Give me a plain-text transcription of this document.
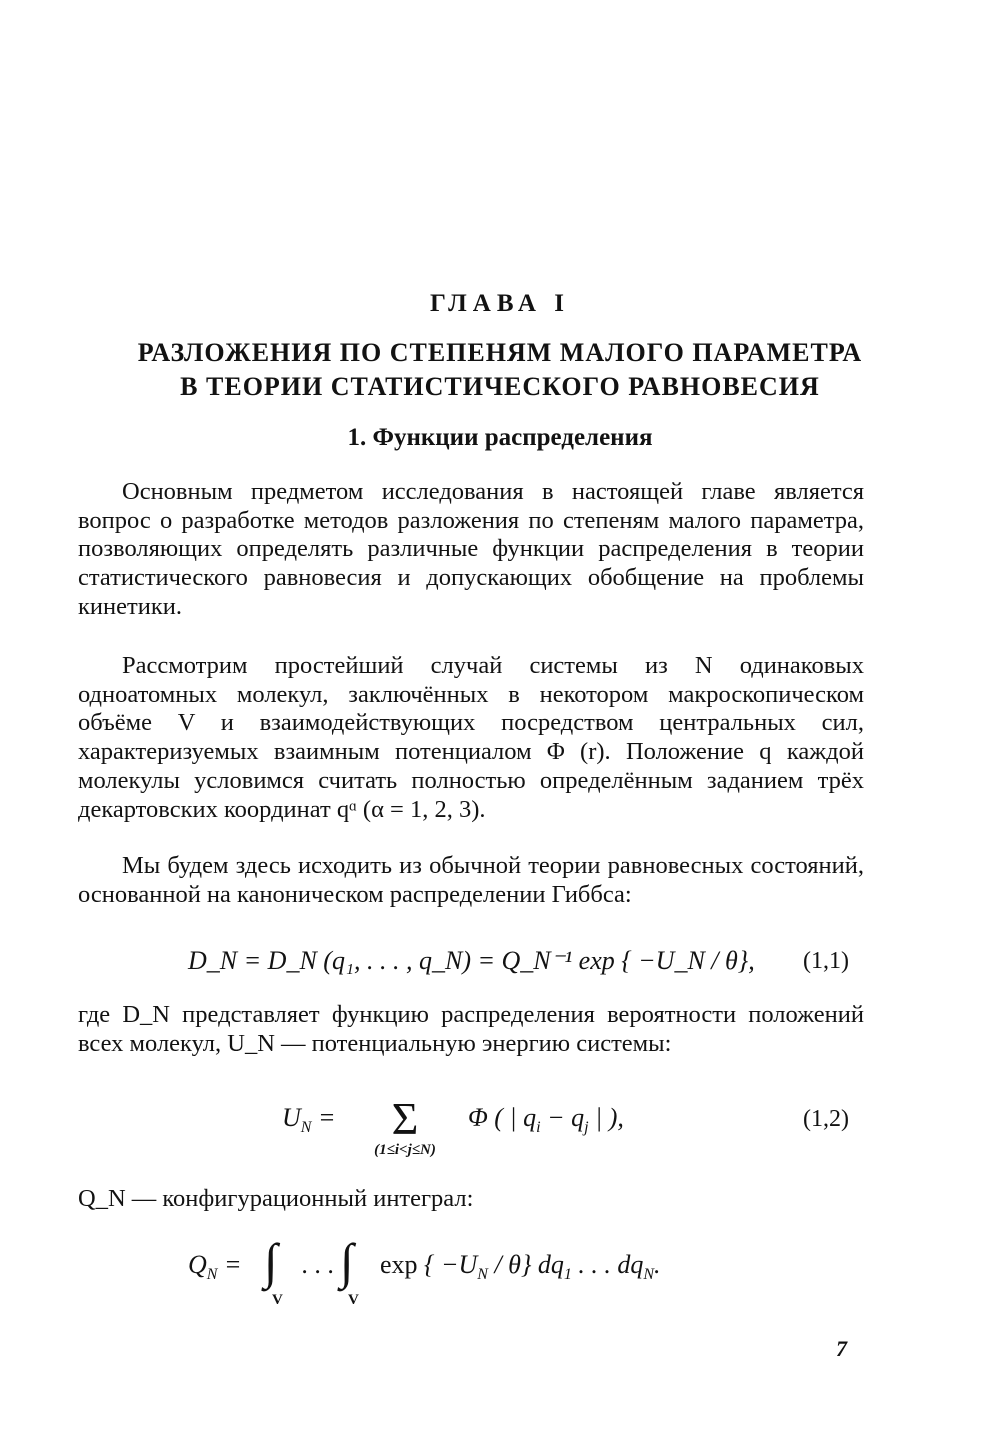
ГЛАВА I
РАЗЛОЖЕНИЯ ПО СТЕПЕНЯМ МАЛОГО ПАРАМЕТРА
В ТЕОРИИ СТАТИСТИЧЕСКОГО РАВНОВЕСИЯ
1. Функции распределения
Основным предметом исследования в настоящей главе является вопрос о разработке методов разложения по степеням малого параметра, позволяющих определять различные функции распределения в теории статистического равновесия и допускающих обобщение на проблемы кинетики.
Рассмотрим простейший случай системы из N одинаковых одноатомных молекул, заключённых в некотором макроскопическом объёме V и взаимодействующих посредством центральных сил, характеризуемых взаимным потенциалом Φ (r). Положение q каждой молекулы условимся считать полностью определённым заданием трёх декартовских координат qᵅ (α = 1, 2, 3).
Мы будем здесь исходить из обычной теории равновесных состояний, основанной на каноническом распределении Гиббса:
D_N = D_N (q₁, . . . , q_N) = Q_N⁻¹ exp { −U_N / θ}, (1,1)
где D_N представляет функцию распределения вероятности положений всех молекул, U_N — потенциальную энергию системы:
$U_N$ =	Σ
(1≤i<j≤N)
Φ ( | $q_i - q_j$ | ),	(1,2)
Q_N — конфигурационный интеграл:
$Q_N$ = ∫
V
. . . ∫
V
exp { $-U_N / \theta$} $dq_1$ . . . $dq_N$.
7
